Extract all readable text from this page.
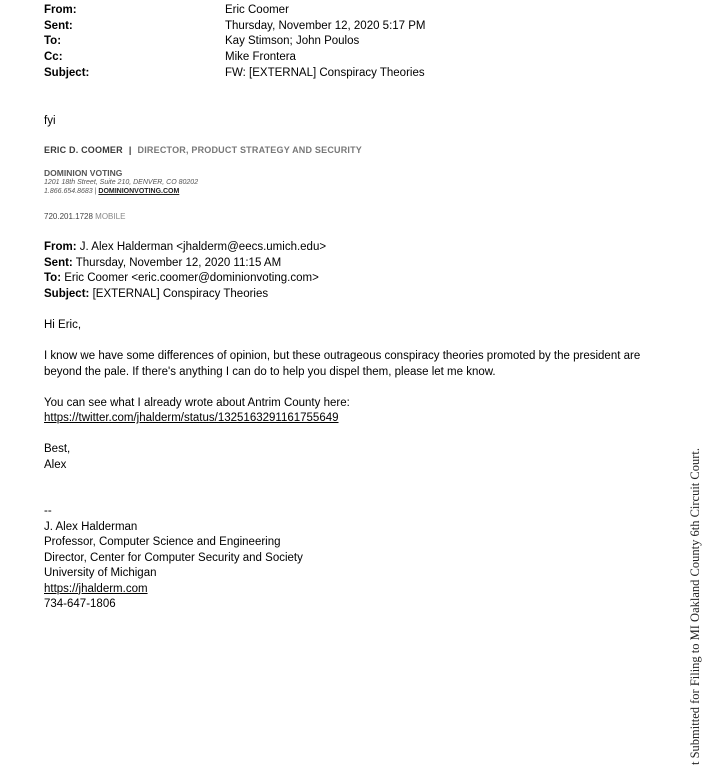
From:	Eric Coomer
Sent:	Thursday, November 12, 2020 5:17 PM
To:	Kay Stimson; John Poulos
Cc:	Mike Frontera
Subject:	FW: [EXTERNAL] Conspiracy Theories
fyi
ERIC D. COOMER | DIRECTOR, PRODUCT STRATEGY AND SECURITY
DOMINION VOTING
1201 18th Street, Suite 210, DENVER, CO 80202
1.866.654.8683 | DOMINIONVOTING.COM
720.201.1728 MOBILE
From: J. Alex Halderman <jhalderm@eecs.umich.edu>
Sent: Thursday, November 12, 2020 11:15 AM
To: Eric Coomer <eric.coomer@dominionvoting.com>
Subject: [EXTERNAL] Conspiracy Theories

Hi Eric,

I know we have some differences of opinion, but these outrageous conspiracy theories promoted by the president are beyond the pale. If there's anything I can do to help you dispel them, please let me know.

You can see what I already wrote about Antrim County here:
https://twitter.com/jhalderm/status/1325163291161755649

Best,
Alex

--
J. Alex Halderman
Professor, Computer Science and Engineering
Director, Center for Computer Security and Society
University of Michigan
https://jhalderm.com
734-647-1806	t Submitted for Filing to MI Oakland County 6th Circuit Court.
